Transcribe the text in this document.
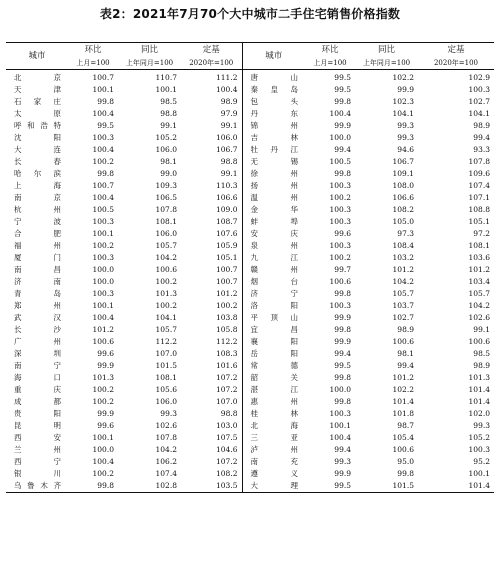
表2：2021年7月70个大中城市二手住宅销售价格指数
城市	环比	同比	定基	城市	环比	同比	定基
	上月=100	上年同月=100	2020年=100		上月=100	上年同月=100	2020年=100
北京	100.7	110.7	111.2	唐山	99.5	102.2	102.9
天津	100.1	100.1	100.4	秦皇岛	99.5	99.9	100.3
石家庄	99.8	98.5	98.9	包头	99.8	102.3	102.7
太原	100.4	98.8	97.9	丹东	100.4	104.1	104.1
呼和浩特	99.5	99.1	99.1	锦州	99.9	99.3	98.9
沈阳	100.3	105.2	106.0	吉林	100.0	99.3	99.4
大连	100.4	106.0	106.7	牡丹江	99.4	94.6	93.3
长春	100.2	98.1	98.8	无锡	100.5	106.7	107.8
哈尔滨	99.8	99.0	99.1	徐州	99.8	109.1	109.6
上海	100.7	109.3	110.3	扬州	100.3	108.0	107.4
南京	100.4	106.5	106.6	温州	100.2	106.6	107.1
杭州	100.5	107.8	109.0	金华	100.3	108.2	108.8
宁波	100.3	108.1	108.7	蚌埠	100.3	105.0	105.1
合肥	100.1	106.0	107.6	安庆	99.6	97.3	97.2
福州	100.2	105.7	105.9	泉州	100.3	108.4	108.1
厦门	100.3	104.2	105.1	九江	100.2	103.2	103.6
南昌	100.0	100.6	100.7	赣州	99.7	101.2	101.2
济南	100.0	100.2	100.7	烟台	100.6	104.2	103.4
青岛	100.3	101.3	101.2	济宁	99.8	105.7	105.7
郑州	100.1	100.2	100.2	洛阳	100.3	103.7	104.2
武汉	100.4	104.1	103.8	平顶山	99.9	102.7	102.6
长沙	101.2	105.7	105.8	宜昌	99.8	98.9	99.1
广州	100.6	112.2	112.2	襄阳	99.9	100.6	100.6
深圳	99.6	107.0	108.3	岳阳	99.4	98.1	98.5
南宁	99.9	101.5	101.6	常德	99.5	99.4	98.9
海口	101.3	108.1	107.2	韶关	99.8	101.2	101.3
重庆	100.2	105.6	107.2	湛江	100.0	102.2	101.4
成都	100.2	106.0	107.0	惠州	99.8	101.4	101.4
贵阳	99.9	99.3	98.8	桂林	100.3	101.8	102.0
昆明	99.6	102.6	103.0	北海	100.1	98.7	99.3
西安	100.1	107.8	107.5	三亚	100.4	105.4	105.2
兰州	100.0	104.2	104.6	泸州	99.4	100.6	100.3
西宁	100.4	106.2	107.2	南充	99.3	95.0	95.2
银川	100.2	107.4	108.2	遵义	99.9	99.8	100.1
乌鲁木齐	99.8	102.8	103.5	大理	99.5	101.5	101.4
